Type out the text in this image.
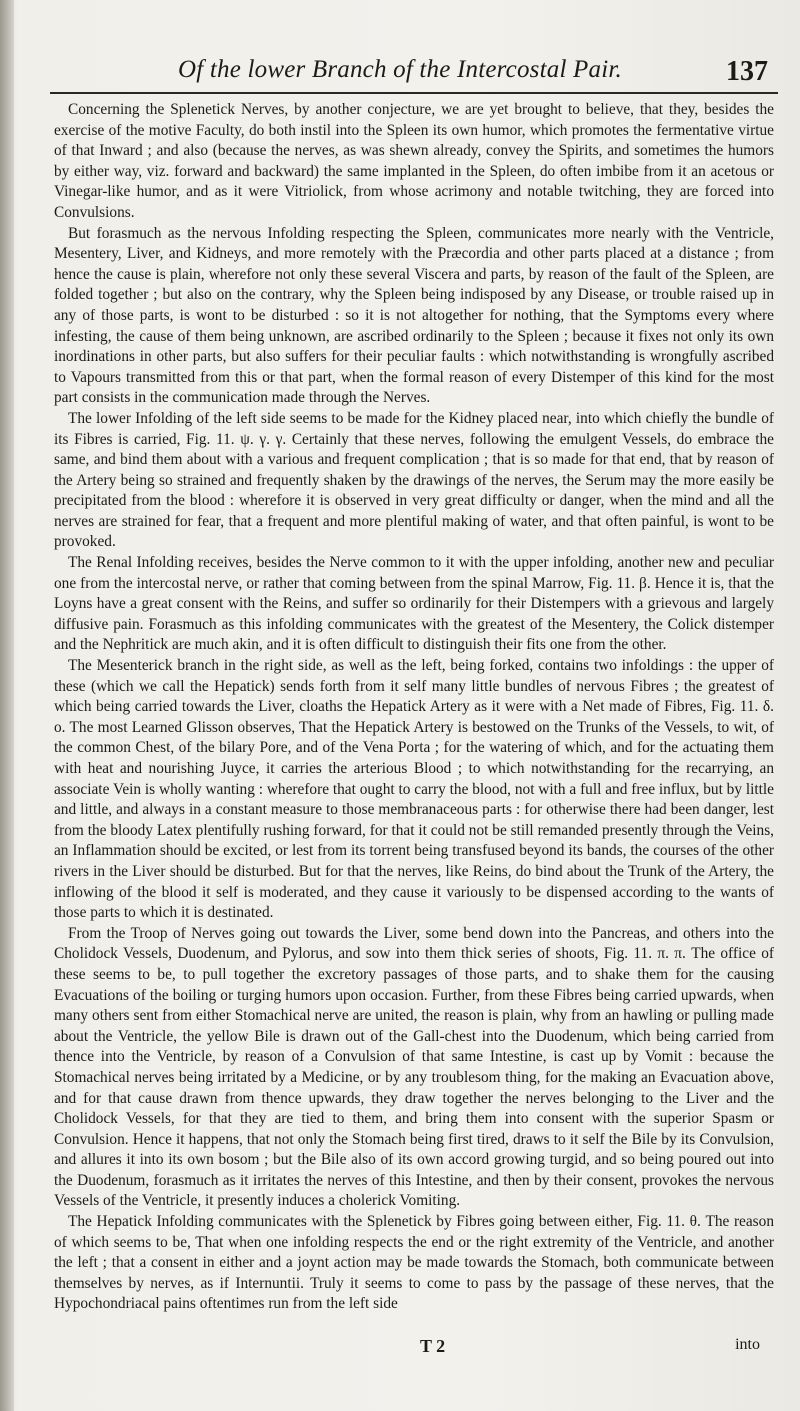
Of the lower Branch of the Intercostal Pair.	137

Concerning the Splenetick Nerves, by another conjecture, we are yet brought to believe, that they, besides the exercise of the motive Faculty, do both instil into the Spleen its own humor, which promotes the fermentative virtue of that Inward ; and also (because the nerves, as was shewn already, convey the Spirits, and sometimes the humors by either way, viz. forward and backward) the same implanted in the Spleen, do often imbibe from it an acetous or Vinegar-like humor, and as it were Vitriolick, from whose acrimony and notable twitching, they are forced into Convulsions.

But forasmuch as the nervous Infolding respecting the Spleen, communicates more nearly with the Ventricle, Mesentery, Liver, and Kidneys, and more remotely with the Præcordia and other parts placed at a distance ; from hence the cause is plain, wherefore not only these several Viscera and parts, by reason of the fault of the Spleen, are folded together ; but also on the contrary, why the Spleen being indisposed by any Disease, or trouble raised up in any of those parts, is wont to be disturbed : so it is not altogether for nothing, that the Symptoms every where infesting, the cause of them being unknown, are ascribed ordinarily to the Spleen ; because it fixes not only its own inordinations in other parts, but also suffers for their peculiar faults : which notwithstanding is wrongfully ascribed to Vapours transmitted from this or that part, when the formal reason of every Distemper of this kind for the most part consists in the communication made through the Nerves.

The lower Infolding of the left side seems to be made for the Kidney placed near, into which chiefly the bundle of its Fibres is carried, Fig. 11. ψ. γ. γ. Certainly that these nerves, following the emulgent Vessels, do embrace the same, and bind them about with a various and frequent complication ; that is so made for that end, that by reason of the Artery being so strained and frequently shaken by the drawings of the nerves, the Serum may the more easily be precipitated from the blood : wherefore it is observed in very great difficulty or danger, when the mind and all the nerves are strained for fear, that a frequent and more plentiful making of water, and that often painful, is wont to be provoked.

The Renal Infolding receives, besides the Nerve common to it with the upper infolding, another new and peculiar one from the intercostal nerve, or rather that coming between from the spinal Marrow, Fig. 11. β. Hence it is, that the Loyns have a great consent with the Reins, and suffer so ordinarily for their Distempers with a grievous and largely diffusive pain. Forasmuch as this infolding communicates with the greatest of the Mesentery, the Colick distemper and the Nephritick are much akin, and it is often difficult to distinguish their fits one from the other.

The Mesenterick branch in the right side, as well as the left, being forked, contains two infoldings : the upper of these (which we call the Hepatick) sends forth from it self many little bundles of nervous Fibres ; the greatest of which being carried towards the Liver, cloaths the Hepatick Artery as it were with a Net made of Fibres, Fig. 11. δ. o. The most Learned Glisson observes, That the Hepatick Artery is bestowed on the Trunks of the Vessels, to wit, of the common Chest, of the bilary Pore, and of the Vena Porta ; for the watering of which, and for the actuating them with heat and nourishing Juyce, it carries the arterious Blood ; to which notwithstanding for the recarrying, an associate Vein is wholly wanting : wherefore that ought to carry the blood, not with a full and free influx, but by little and little, and always in a constant measure to those membranaceous parts : for otherwise there had been danger, lest from the bloody Latex plentifully rushing forward, for that it could not be still remanded presently through the Veins, an Inflammation should be excited, or lest from its torrent being transfused beyond its bands, the courses of the other rivers in the Liver should be disturbed. But for that the nerves, like Reins, do bind about the Trunk of the Artery, the inflowing of the blood it self is moderated, and they cause it variously to be dispensed according to the wants of those parts to which it is destinated.

From the Troop of Nerves going out towards the Liver, some bend down into the Pancreas, and others into the Cholidock Vessels, Duodenum, and Pylorus, and sow into them thick series of shoots, Fig. 11. π. π. The office of these seems to be, to pull together the excretory passages of those parts, and to shake them for the causing Evacuations of the boiling or turging humors upon occasion. Further, from these Fibres being carried upwards, when many others sent from either Stomachical nerve are united, the reason is plain, why from an hawling or pulling made about the Ventricle, the yellow Bile is drawn out of the Gall-chest into the Duodenum, which being carried from thence into the Ventricle, by reason of a Convulsion of that same Intestine, is cast up by Vomit : because the Stomachical nerves being irritated by a Medicine, or by any troublesom thing, for the making an Evacuation above, and for that cause drawn from thence upwards, they draw together the nerves belonging to the Liver and the Cholidock Vessels, for that they are tied to them, and bring them into consent with the superior Spasm or Convulsion. Hence it happens, that not only the Stomach being first tired, draws to it self the Bile by its Convulsion, and allures it into its own bosom ; but the Bile also of its own accord growing turgid, and so being poured out into the Duodenum, forasmuch as it irritates the nerves of this Intestine, and then by their consent, provokes the nervous Vessels of the Ventricle, it presently induces a cholerick Vomiting.

The Hepatick Infolding communicates with the Splenetick by Fibres going between either, Fig. 11. θ. The reason of which seems to be, That when one infolding respects the end or the right extremity of the Ventricle, and another the left ; that a consent in either and a joynt action may be made towards the Stomach, both communicate between themselves by nerves, as if Internuntii. Truly it seems to come to pass by the passage of these nerves, that the Hypochondriacal pains oftentimes run from the left side

T 2	into
